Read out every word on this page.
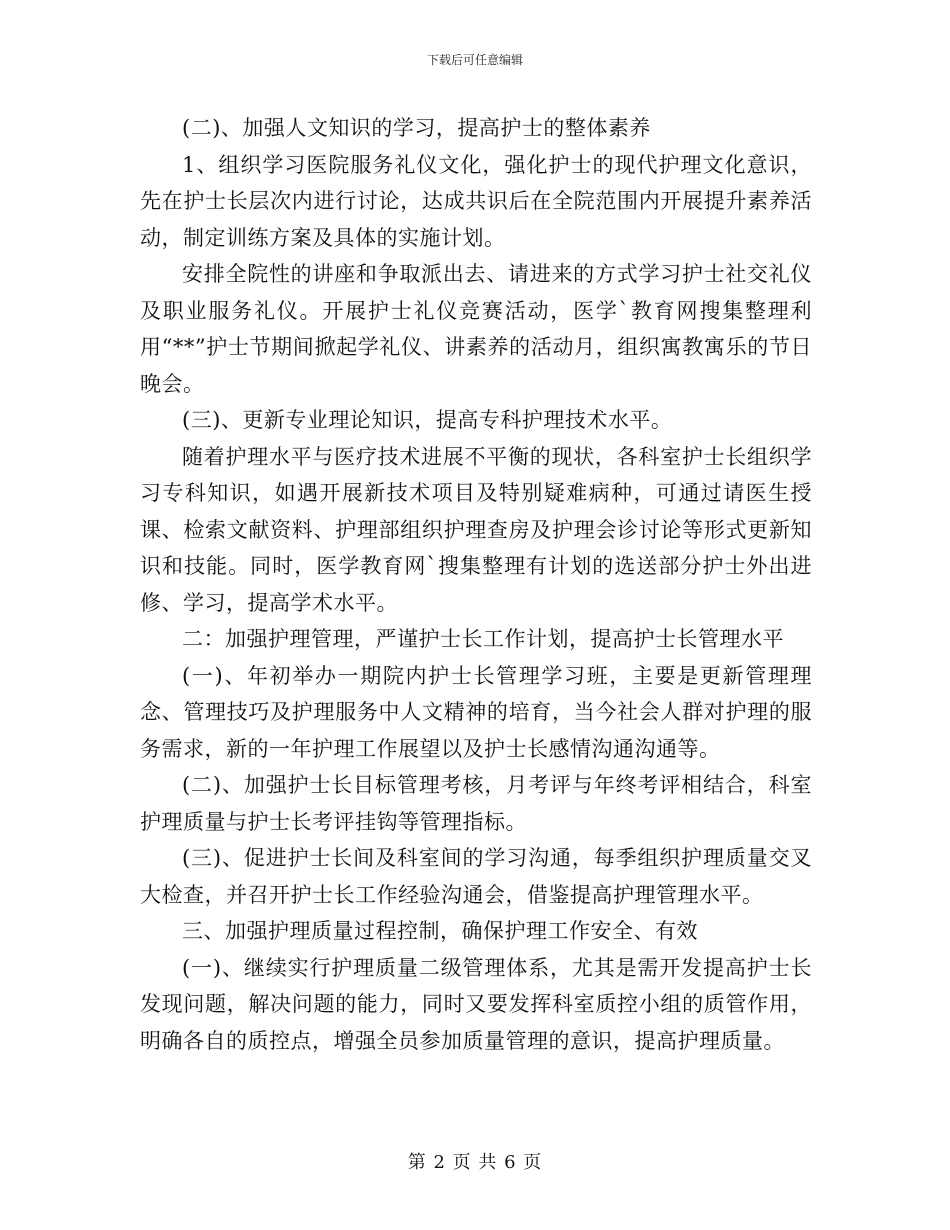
下载后可任意编辑

(二)、加强人文知识的学习，提高护士的整体素养

1、组织学习医院服务礼仪文化，强化护士的现代护理文化意识，先在护士长层次内进行讨论，达成共识后在全院范围内开展提升素养活动，制定训练方案及具体的实施计划。

安排全院性的讲座和争取派出去、请进来的方式学习护士社交礼仪及职业服务礼仪。开展护士礼仪竞赛活动，医学`教育网搜集整理利用“**”护士节期间掀起学礼仪、讲素养的活动月，组织寓教寓乐的节日晚会。

(三)、更新专业理论知识，提高专科护理技术水平。

随着护理水平与医疗技术进展不平衡的现状，各科室护士长组织学习专科知识，如遇开展新技术项目及特别疑难病种，可通过请医生授课、检索文献资料、护理部组织护理查房及护理会诊讨论等形式更新知识和技能。同时，医学教育网`搜集整理有计划的选送部分护士外出进修、学习，提高学术水平。

二：加强护理管理，严谨护士长工作计划，提高护士长管理水平

(一)、年初举办一期院内护士长管理学习班，主要是更新管理理念、管理技巧及护理服务中人文精神的培育，当今社会人群对护理的服务需求，新的一年护理工作展望以及护士长感情沟通沟通等。

(二)、加强护士长目标管理考核，月考评与年终考评相结合，科室护理质量与护士长考评挂钩等管理指标。

(三)、促进护士长间及科室间的学习沟通，每季组织护理质量交叉大检查，并召开护士长工作经验沟通会，借鉴提高护理管理水平。

三、加强护理质量过程控制，确保护理工作安全、有效

(一)、继续实行护理质量二级管理体系，尤其是需开发提高护士长发现问题，解决问题的能力，同时又要发挥科室质控小组的质管作用，明确各自的质控点，增强全员参加质量管理的意识，提高护理质量。

第 2 页 共 6 页
